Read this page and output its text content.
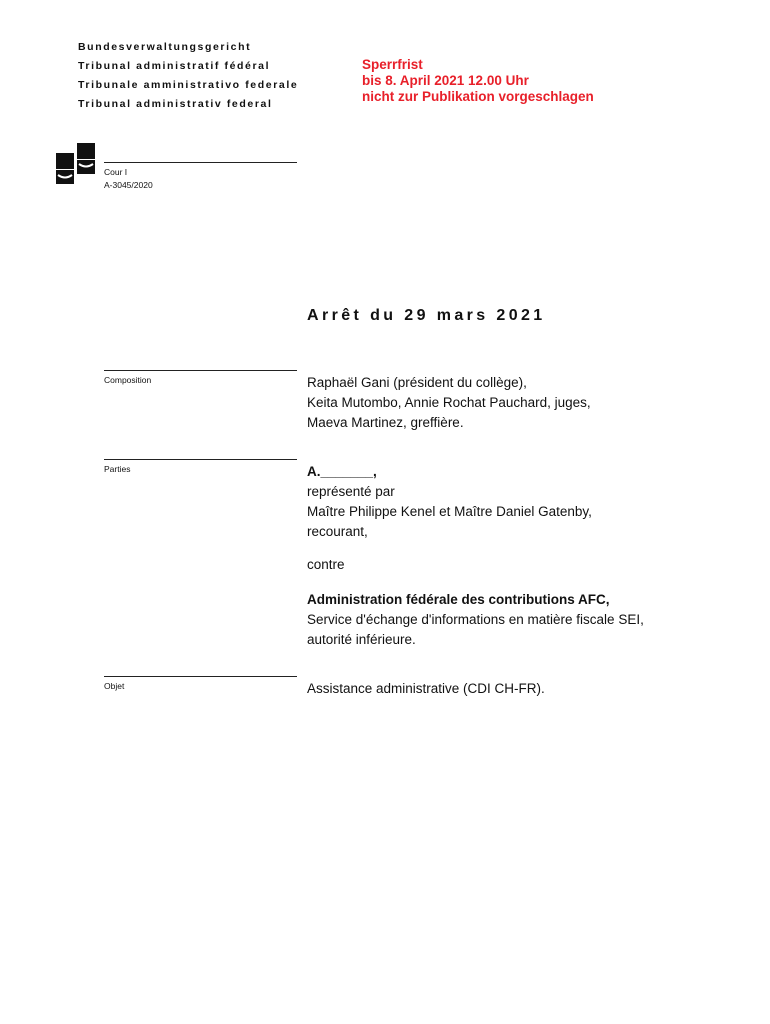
Bundesverwaltungsgericht
Tribunal administratif fédéral
Tribunale amministrativo federale
Tribunal administrativ federal
Sperrfrist
bis 8. April 2021 12.00 Uhr
nicht zur Publikation vorgeschlagen
Cour I
A-3045/2020
Arrêt du 29 mars 2021
Composition	Raphaël Gani (président du collège),
Keita Mutombo, Annie Rochat Pauchard, juges,
Maeva Martinez, greffière.
Parties	A._______,
représenté par
Maître Philippe Kenel et Maître Daniel Gatenby,
recourant,
contre
Administration fédérale des contributions AFC,
Service d'échange d'informations en matière fiscale SEI,
autorité inférieure.
Objet	Assistance administrative (CDI CH-FR).
